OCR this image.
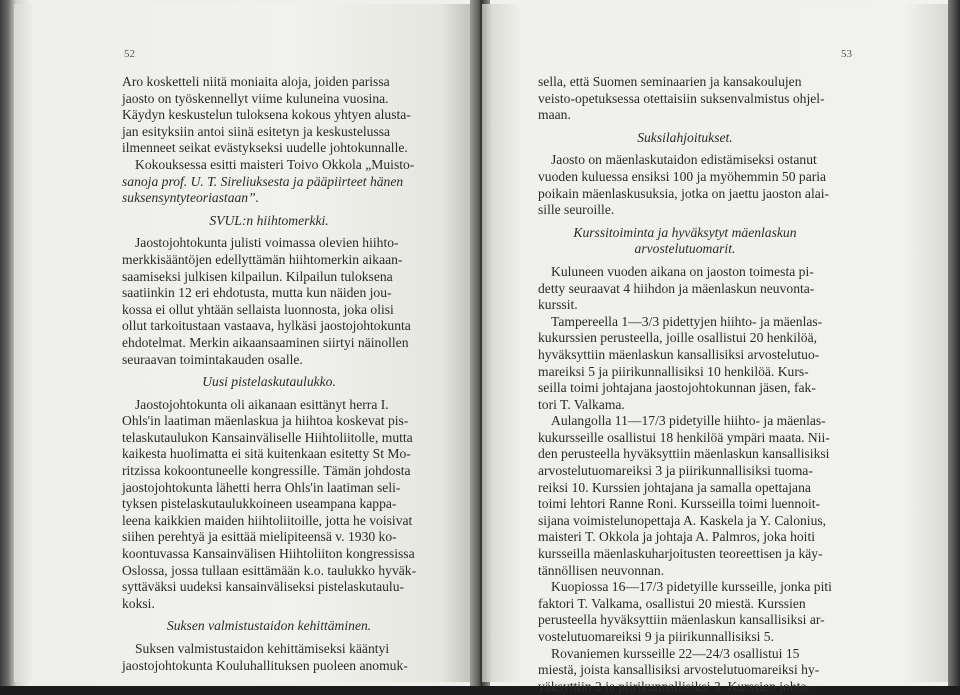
52
Aro kosketteli niitä moniaita aloja, joiden parissa
jaosto on työskennellyt viime kuluneina vuosina.
Käydyn keskustelun tuloksena kokous yhtyen alusta-
jan esityksiin antoi siinä esitetyn ja keskustelussa
ilmenneet seikat evästykseksi uudelle johtokunnalle.
Kokouksessa esitti maisteri Toivo Okkola „Muisto-
sanoja prof. U. T. Sireliuksesta ja pääpiirteet hänen
suksensyntyteoriastaan”.
SVUL:n hiihtomerkki.
Jaostojohtokunta julisti voimassa olevien hiihto-
merkkisääntöjen edellyttämän hiihtomerkin aikaan-
saamiseksi julkisen kilpailun. Kilpailun tuloksena
saatiinkin 12 eri ehdotusta, mutta kun näiden jou-
kossa ei ollut yhtään sellaista luonnosta, joka olisi
ollut tarkoitustaan vastaava, hylkäsi jaostojohtokunta
ehdotelmat. Merkin aikaansaaminen siirtyi näinollen
seuraavan toimintakauden osalle.
Uusi pistelaskutaulukko.
Jaostojohtokunta oli aikanaan esittänyt herra I.
Ohls'in laatiman mäenlaskua ja hiihtoa koskevat pis-
telaskutaulukon Kansainväliselle Hiihtoliitolle, mutta
kaikesta huolimatta ei sitä kuitenkaan esitetty St Mo-
ritzissa kokoontuneelle kongressille. Tämän johdosta
jaostojohtokunta lähetti herra Ohls'in laatiman seli-
tyksen pistelaskutaulukkoineen useampana kappa-
leena kaikkien maiden hiihtoliitoille, jotta he voisivat
siihen perehtyä ja esittää mielipiteensä v. 1930 ko-
koontuvassa Kansainvälisen Hiihtoliiton kongressissa
Oslossa, jossa tullaan esittämään k.o. taulukko hyväk-
syttäväksi uudeksi kansainväliseksi pistelaskutaulu-
koksi.
Suksen valmistustaidon kehittäminen.
Suksen valmistustaidon kehittämiseksi kääntyi
jaostojohtokunta Kouluhallituksen puoleen anomuk-
53
sella, että Suomen seminaarien ja kansakoulujen
veisto-opetuksessa otettaisiin suksenvalmistus ohjel-
maan.
Suksilahjoitukset.
Jaosto on mäenlaskutaidon edistämiseksi ostanut
vuoden kuluessa ensiksi 100 ja myöhemmin 50 paria
poikain mäenlaskusuksia, jotka on jaettu jaoston alai-
sille seuroille.
Kurssitoiminta ja hyväksytyt mäenlaskun
arvostelutuomarit.
Kuluneen vuoden aikana on jaoston toimesta pi-
detty seuraavat 4 hiihdon ja mäenlaskun neuvonta-
kurssit.
Tampereella 1—3/3 pidettyjen hiihto- ja mäenlas-
kukurssien perusteella, joille osallistui 20 henkilöä,
hyväksyttiin mäenlaskun kansallisiksi arvostelutuo-
mareiksi 5 ja piirikunnallisiksi 10 henkilöä. Kurs-
seilla toimi johtajana jaostojohtokunnan jäsen, fak-
tori T. Valkama.
Aulangolla 11—17/3 pidetyille hiihto- ja mäenlas-
kukursseille osallistui 18 henkilöä ympäri maata. Nii-
den perusteella hyväksyttiin mäenlaskun kansallisiksi
arvostelutuomareiksi 3 ja piirikunnallisiksi tuoma-
reiksi 10. Kurssien johtajana ja samalla opettajana
toimi lehtori Ranne Roni. Kursseilla toimi luennoit-
sijana voimistelunopettaja A. Kaskela ja Y. Calonius,
maisteri T. Okkola ja johtaja A. Palmros, joka hoiti
kursseilla mäenlaskuharjoitusten teoreettisen ja käy-
tännöllisen neuvonnan.
Kuopiossa 16—17/3 pidetyille kursseille, jonka piti
faktori T. Valkama, osallistui 20 miestä. Kurssien
perusteella hyväksyttiin mäenlaskun kansallisiksi ar-
vostelutuomareiksi 9 ja piirikunnallisiksi 5.
Rovaniemen kursseille 22—24/3 osallistui 15
miestä, joista kansallisiksi arvostelutuomareiksi hy-
väksyttiin 2 ja piirikunnallisiksi 3. Kurssien johta-
